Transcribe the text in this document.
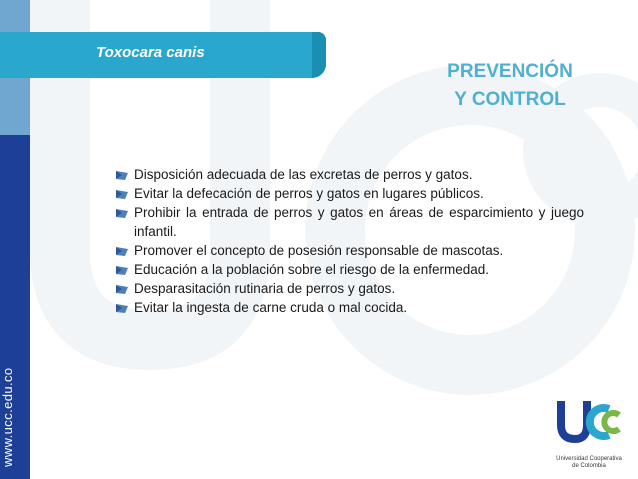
www.ucc.edu.co
Toxocara canis
PREVENCIÓN
Y CONTROL
Disposición adecuada de las excretas de perros y gatos.
Evitar la defecación de perros y gatos en lugares públicos.
Prohibir la entrada de perros y gatos en áreas de esparcimiento y juego infantil.
Promover el concepto de posesión responsable de mascotas.
Educación a la población sobre el riesgo de la enfermedad.
Desparasitación rutinaria de perros y gatos.
Evitar la ingesta de carne cruda o mal cocida.
Universidad Cooperativa
de Colombia
